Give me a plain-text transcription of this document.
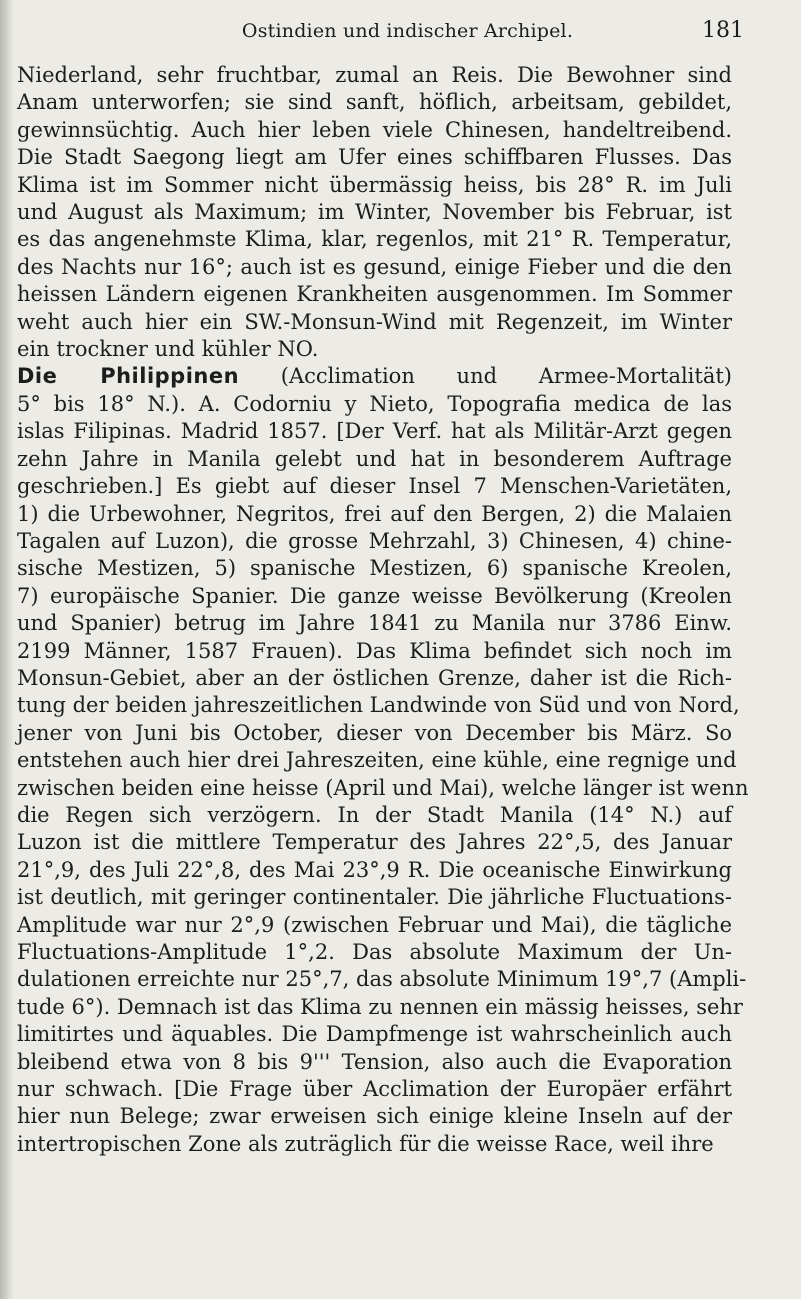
Ostindien und indischer Archipel.	181
Niederland, sehr fruchtbar, zumal an Reis. Die Bewohner sind
Anam unterworfen; sie sind sanft, höflich, arbeitsam, gebildet,
gewinnsüchtig. Auch hier leben viele Chinesen, handeltreibend.
Die Stadt Saegong liegt am Ufer eines schiffbaren Flusses. Das
Klima ist im Sommer nicht übermässig heiss, bis 28° R. im Juli
und August als Maximum; im Winter, November bis Februar, ist
es das angenehmste Klima, klar, regenlos, mit 21° R. Temperatur,
des Nachts nur 16°; auch ist es gesund, einige Fieber und die den
heissen Ländern eigenen Krankheiten ausgenommen. Im Sommer
weht auch hier ein SW.-Monsun-Wind mit Regenzeit, im Winter
ein trockner und kühler NO.
Die Philippinen (Acclimation und Armee-Mortalität)
5° bis 18° N.). A. Codorniu y Nieto, Topografia medica de las
islas Filipinas. Madrid 1857. [Der Verf. hat als Militär-Arzt gegen
zehn Jahre in Manila gelebt und hat in besonderem Auftrage
geschrieben.] Es giebt auf dieser Insel 7 Menschen-Varietäten,
1) die Urbewohner, Negritos, frei auf den Bergen, 2) die Malaien
Tagalen auf Luzon), die grosse Mehrzahl, 3) Chinesen, 4) chine-
sische Mestizen, 5) spanische Mestizen, 6) spanische Kreolen,
7) europäische Spanier. Die ganze weisse Bevölkerung (Kreolen
und Spanier) betrug im Jahre 1841 zu Manila nur 3786 Einw.
2199 Männer, 1587 Frauen). Das Klima befindet sich noch im
Monsun-Gebiet, aber an der östlichen Grenze, daher ist die Rich-
tung der beiden jahreszeitlichen Landwinde von Süd und von Nord,
jener von Juni bis October, dieser von December bis März. So
entstehen auch hier drei Jahreszeiten, eine kühle, eine regnige und
zwischen beiden eine heisse (April und Mai), welche länger ist wenn
die Regen sich verzögern. In der Stadt Manila (14° N.) auf
Luzon ist die mittlere Temperatur des Jahres 22°,5, des Januar
21°,9, des Juli 22°,8, des Mai 23°,9 R. Die oceanische Einwirkung
ist deutlich, mit geringer continentaler. Die jährliche Fluctuations-
Amplitude war nur 2°,9 (zwischen Februar und Mai), die tägliche
Fluctuations-Amplitude 1°,2. Das absolute Maximum der Un-
dulationen erreichte nur 25°,7, das absolute Minimum 19°,7 (Ampli-
tude 6°). Demnach ist das Klima zu nennen ein mässig heisses, sehr
limitirtes und äquables. Die Dampfmenge ist wahrscheinlich auch
bleibend etwa von 8 bis 9''' Tension, also auch die Evaporation
nur schwach. [Die Frage über Acclimation der Europäer erfährt
hier nun Belege; zwar erweisen sich einige kleine Inseln auf der
intertropischen Zone als zuträglich für die weisse Race, weil ihre
